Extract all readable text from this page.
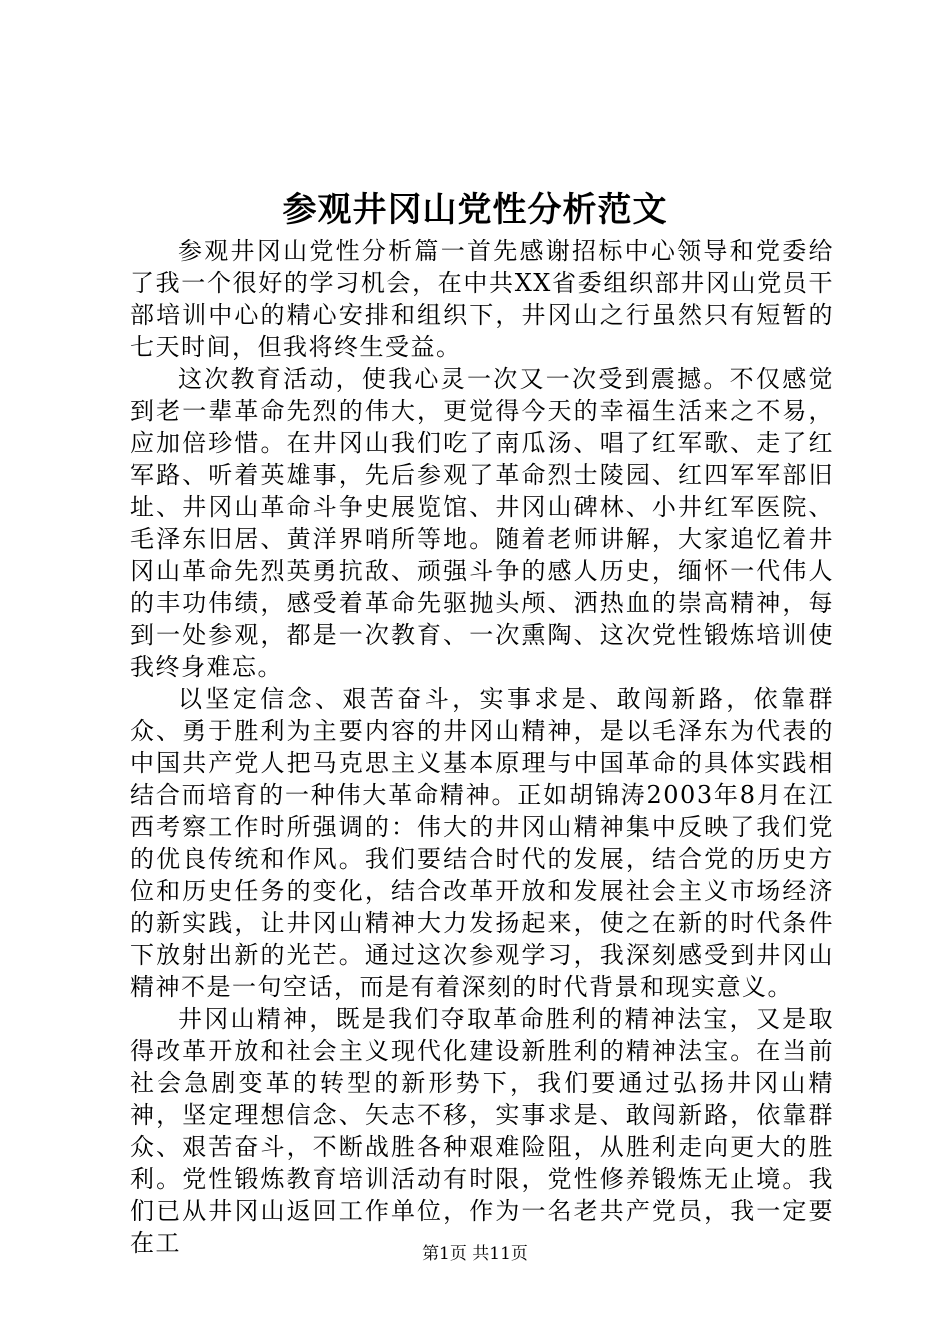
参观井冈山党性分析范文

参观井冈山党性分析篇一首先感谢招标中心领导和党委给了我一个很好的学习机会，在中共XX省委组织部井冈山党员干部培训中心的精心安排和组织下，井冈山之行虽然只有短暂的七天时间，但我将终生受益。

这次教育活动，使我心灵一次又一次受到震撼。不仅感觉到老一辈革命先烈的伟大，更觉得今天的幸福生活来之不易，应加倍珍惜。在井冈山我们吃了南瓜汤、唱了红军歌、走了红军路、听着英雄事，先后参观了革命烈士陵园、红四军军部旧址、井冈山革命斗争史展览馆、井冈山碑林、小井红军医院、毛泽东旧居、黄洋界哨所等地。随着老师讲解，大家追忆着井冈山革命先烈英勇抗敌、顽强斗争的感人历史，缅怀一代伟人的丰功伟绩，感受着革命先驱抛头颅、洒热血的崇高精神，每到一处参观，都是一次教育、一次熏陶、这次党性锻炼培训使我终身难忘。

以坚定信念、艰苦奋斗，实事求是、敢闯新路，依靠群众、勇于胜利为主要内容的井冈山精神，是以毛泽东为代表的中国共产党人把马克思主义基本原理与中国革命的具体实践相结合而培育的一种伟大革命精神。正如胡锦涛2003年8月在江西考察工作时所强调的：伟大的井冈山精神集中反映了我们党的优良传统和作风。我们要结合时代的发展，结合党的历史方位和历史任务的变化，结合改革开放和发展社会主义市场经济的新实践，让井冈山精神大力发扬起来，使之在新的时代条件下放射出新的光芒。通过这次参观学习，我深刻感受到井冈山精神不是一句空话，而是有着深刻的时代背景和现实意义。

井冈山精神，既是我们夺取革命胜利的精神法宝，又是取得改革开放和社会主义现代化建设新胜利的精神法宝。在当前社会急剧变革的转型的新形势下，我们要通过弘扬井冈山精神，坚定理想信念、矢志不移，实事求是、敢闯新路，依靠群众、艰苦奋斗，不断战胜各种艰难险阻，从胜利走向更大的胜利。党性锻炼教育培训活动有时限，党性修养锻炼无止境。我们已从井冈山返回工作单位，作为一名老共产党员，我一定要在工	第1页 共11页
